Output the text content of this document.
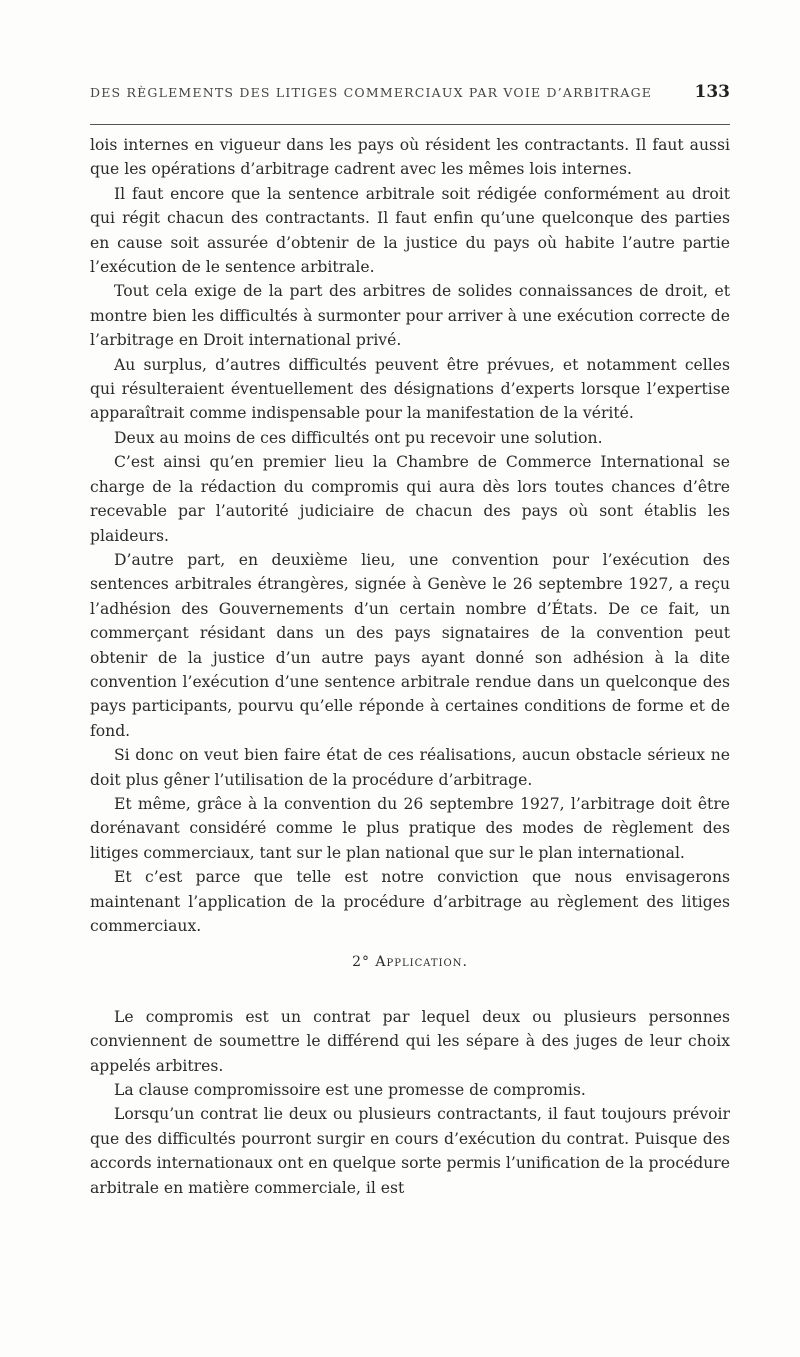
DES RÈGLEMENTS DES LITIGES COMMERCIAUX PAR VOIE D’ARBITRAGE 133

lois internes en vigueur dans les pays où résident les contractants. Il faut aussi que les opérations d’arbitrage cadrent avec les mêmes lois internes.

Il faut encore que la sentence arbitrale soit rédigée conformément au droit qui régit chacun des contractants. Il faut enfin qu’une quelconque des parties en cause soit assurée d’obtenir de la justice du pays où habite l’autre partie l’exécution de le sentence arbitrale.

Tout cela exige de la part des arbitres de solides connaissances de droit, et montre bien les difficultés à surmonter pour arriver à une exécution correcte de l’arbitrage en Droit international privé.

Au surplus, d’autres difficultés peuvent être prévues, et notamment celles qui résulteraient éventuellement des désignations d’experts lorsque l’expertise apparaîtrait comme indispensable pour la manifestation de la vérité.

Deux au moins de ces difficultés ont pu recevoir une solution.

C’est ainsi qu’en premier lieu la Chambre de Commerce International se charge de la rédaction du compromis qui aura dès lors toutes chances d’être recevable par l’autorité judiciaire de chacun des pays où sont établis les plaideurs.

D’autre part, en deuxième lieu, une convention pour l’exécution des sentences arbitrales étrangères, signée à Genève le 26 septembre 1927, a reçu l’adhésion des Gouvernements d’un certain nombre d’États. De ce fait, un commerçant résidant dans un des pays signataires de la convention peut obtenir de la justice d’un autre pays ayant donné son adhésion à la dite convention l’exécution d’une sentence arbitrale rendue dans un quelconque des pays participants, pourvu qu’elle réponde à certaines conditions de forme et de fond.

Si donc on veut bien faire état de ces réalisations, aucun obstacle sérieux ne doit plus gêner l’utilisation de la procédure d’arbitrage.

Et même, grâce à la convention du 26 septembre 1927, l’arbitrage doit être dorénavant considéré comme le plus pratique des modes de règlement des litiges commerciaux, tant sur le plan national que sur le plan international.

Et c’est parce que telle est notre conviction que nous envisagerons maintenant l’application de la procédure d’arbitrage au règlement des litiges commerciaux.

2° Application.

Le compromis est un contrat par lequel deux ou plusieurs personnes conviennent de soumettre le différend qui les sépare à des juges de leur choix appelés arbitres.

La clause compromissoire est une promesse de compromis.

Lorsqu’un contrat lie deux ou plusieurs contractants, il faut toujours prévoir que des difficultés pourront surgir en cours d’exécution du contrat. Puisque des accords internationaux ont en quelque sorte permis l’unification de la procédure arbitrale en matière commerciale, il est
